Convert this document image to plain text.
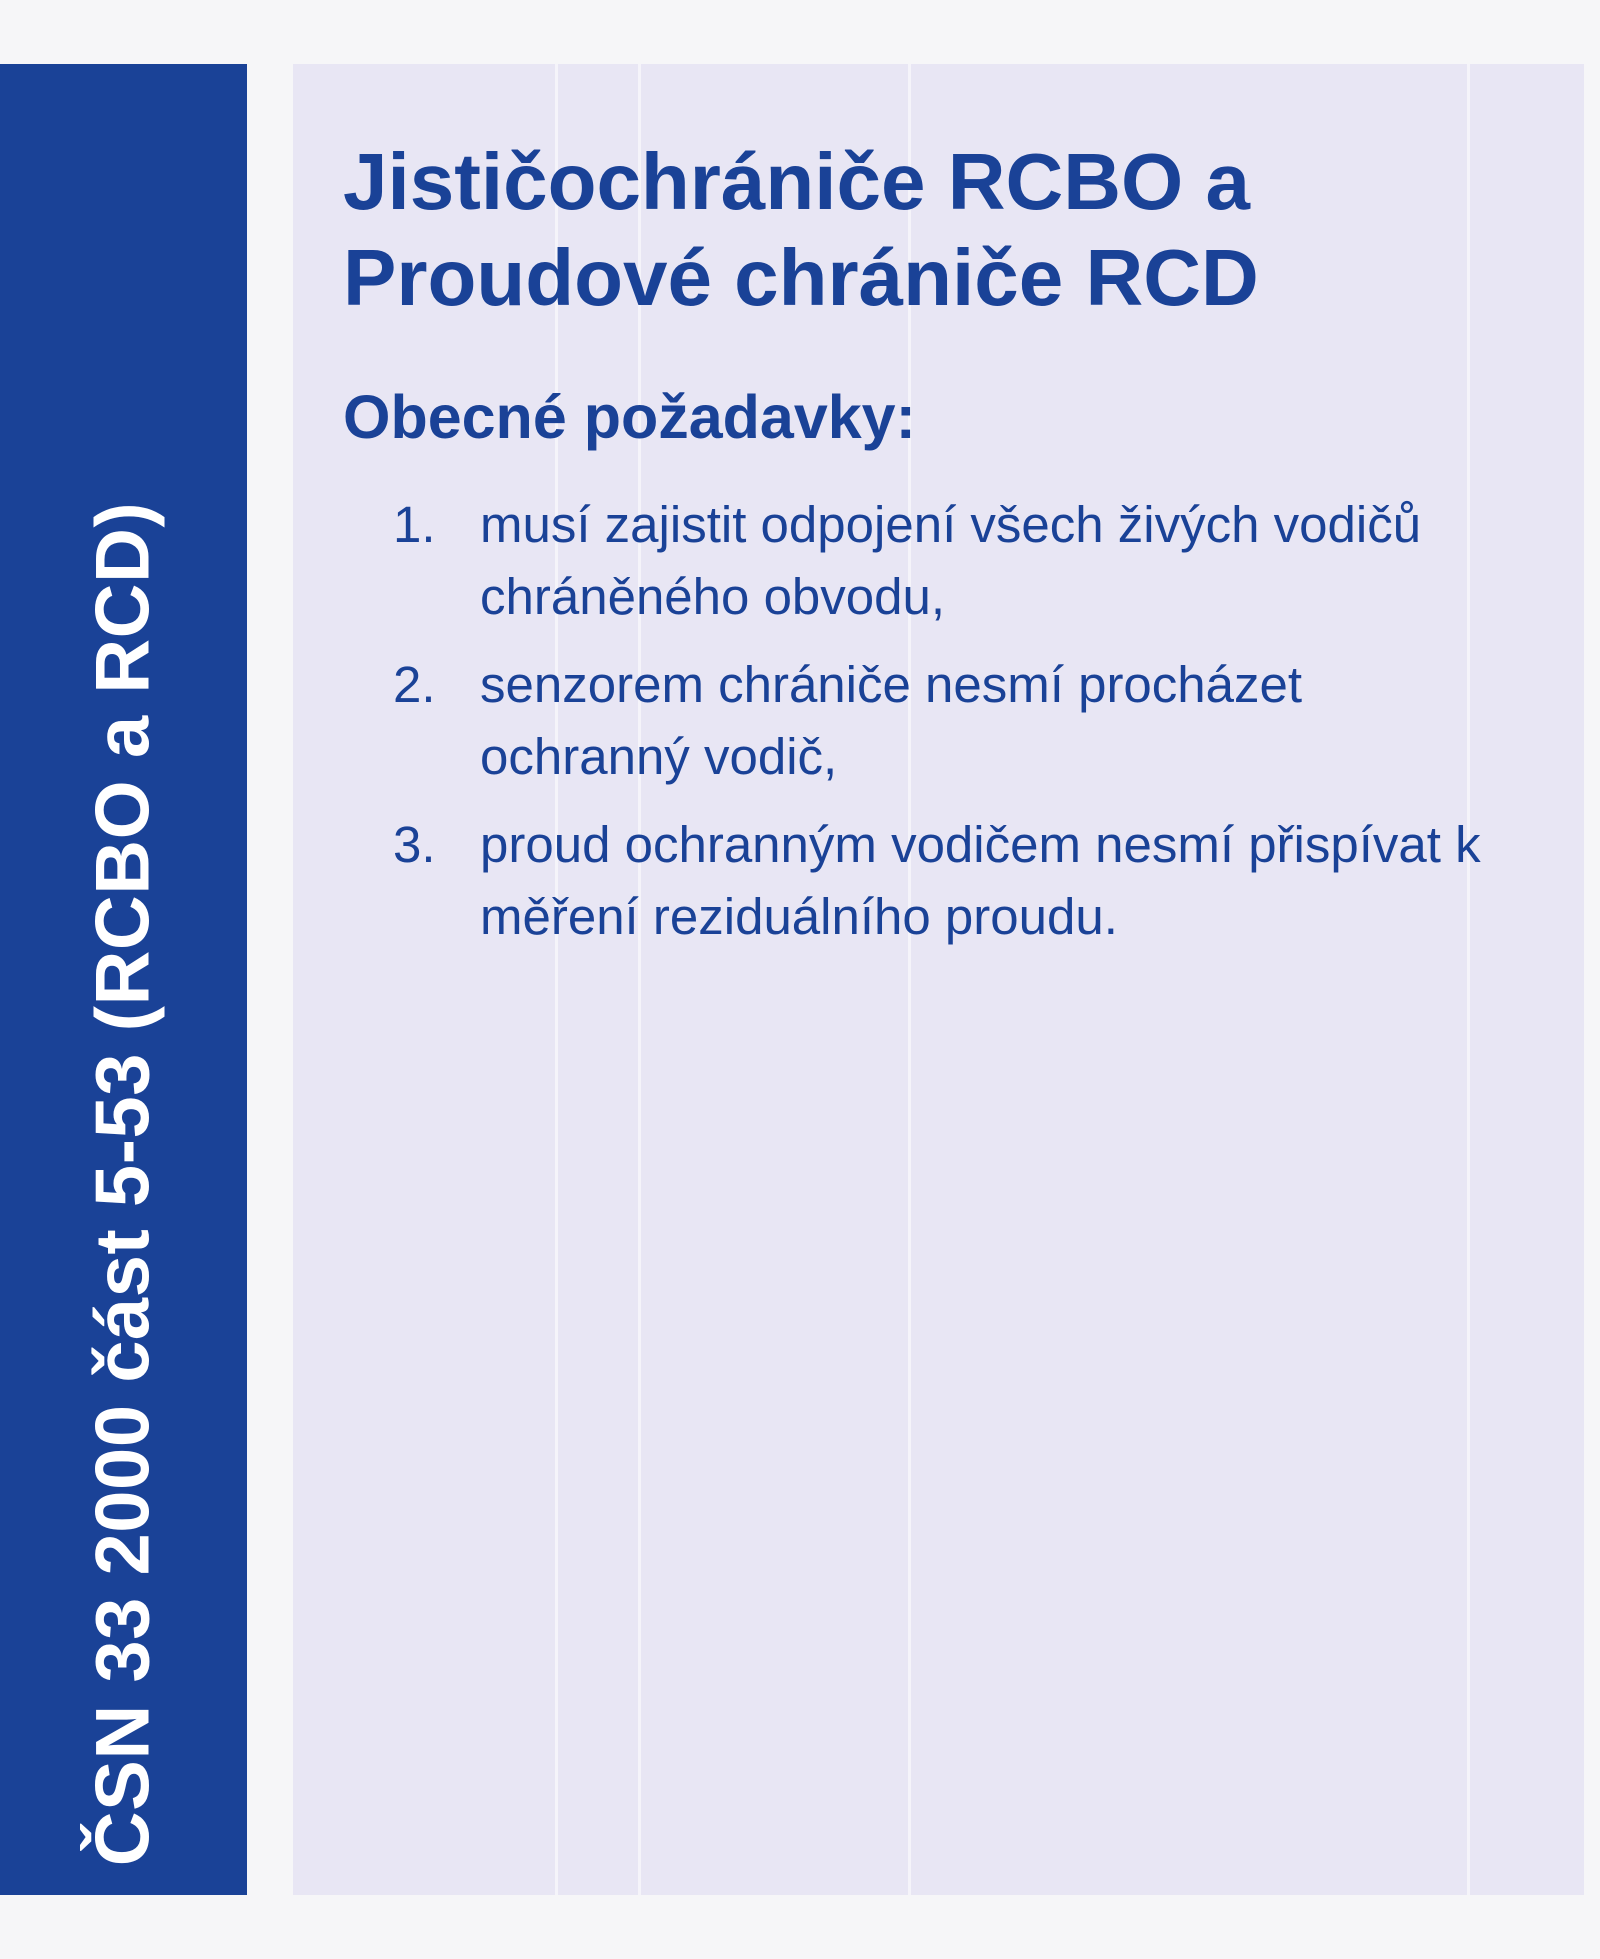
ČSN 33 2000 část 5-53 (RCBO a RCD)
Jističochrániče RCBO a
Proudové chrániče RCD
Obecné požadavky:
1. musí zajistit odpojení všech živých vodičů chráněného obvodu,
2. senzorem chrániče nesmí procházet ochranný vodič,
3. proud ochranným vodičem nesmí přispívat k měření reziduálního proudu.
